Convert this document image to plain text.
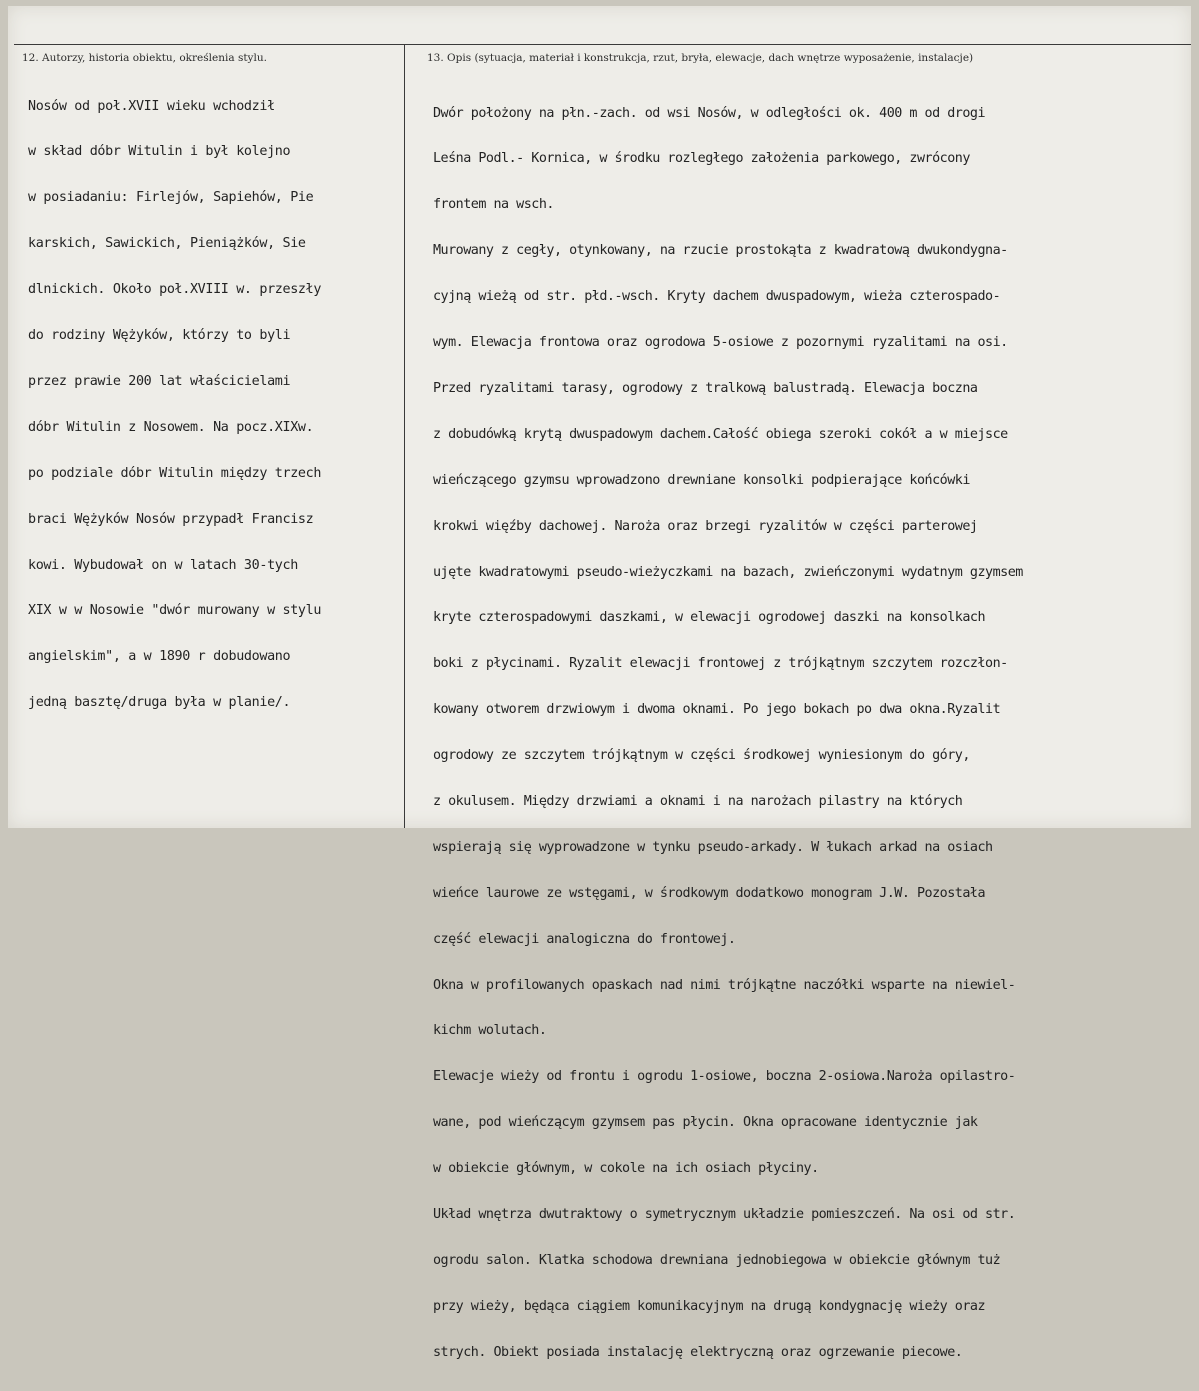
12. Autorzy, historia obiektu, określenia stylu.	13. Opis (sytuacja, materiał i konstrukcja, rzut, bryła, elewacje, dach wnętrze wyposażenie, instalacje)

Nosów od poł.XVII wieku wchodził

w skład dóbr Witulin i był kolejno

w posiadaniu: Firlejów, Sapiehów, Pie

karskich, Sawickich, Pieniążków, Sie

dlnickich. Około poł.XVIII w. przeszły

do rodziny Wężyków, którzy to byli

przez prawie 200 lat właścicielami

dóbr Witulin z Nosowem. Na pocz.XIXw.

po podziale dóbr Witulin między trzech

braci Wężyków Nosów przypadł Francisz

kowi. Wybudował on w latach 30-tych

XIX w w Nosowie "dwór murowany w stylu

angielskim", a w 1890 r dobudowano

jedną basztę/druga była w planie/.

Dwór położony na płn.-zach. od wsi Nosów, w odległości ok. 400 m od drogi

Leśna Podl.- Kornica, w środku rozległego założenia parkowego, zwrócony

frontem na wsch.

Murowany z cegły, otynkowany, na rzucie prostokąta z kwadratową dwukondygna-

cyjną wieżą od str. płd.-wsch. Kryty dachem dwuspadowym, wieża czterospado-

wym. Elewacja frontowa oraz ogrodowa 5-osiowe z pozornymi ryzalitami na osi.

Przed ryzalitami tarasy, ogrodowy z tralkową balustradą. Elewacja boczna

z dobudówką krytą dwuspadowym dachem.Całość obiega szeroki cokół a w miejsce

wieńczącego gzymsu wprowadzono drewniane konsolki podpierające końcówki

krokwi więźby dachowej. Naroża oraz brzegi ryzalitów w części parterowej

ujęte kwadratowymi pseudo-wieżyczkami na bazach, zwieńczonymi wydatnym gzymsem

kryte czterospadowymi daszkami, w elewacji ogrodowej daszki na konsolkach

boki z płycinami. Ryzalit elewacji frontowej z trójkątnym szczytem rozczłon-

kowany otworem drzwiowym i dwoma oknami. Po jego bokach po dwa okna.Ryzalit

ogrodowy ze szczytem trójkątnym w części środkowej wyniesionym do góry,

z okulusem. Między drzwiami a oknami i na narożach pilastry na których

wspierają się wyprowadzone w tynku pseudo-arkady. W łukach arkad na osiach

wieńce laurowe ze wstęgami, w środkowym dodatkowo monogram J.W. Pozostała

część elewacji analogiczna do frontowej.

Okna w profilowanych opaskach nad nimi trójkątne naczółki wsparte na niewiel-

kichm wolutach.

Elewacje wieży od frontu i ogrodu 1-osiowe, boczna 2-osiowa.Naroża opilastro-

wane, pod wieńczącym gzymsem pas płycin. Okna opracowane identycznie jak

w obiekcie głównym, w cokole na ich osiach płyciny.

Układ wnętrza dwutraktowy o symetrycznym układzie pomieszczeń. Na osi od str.

ogrodu salon. Klatka schodowa drewniana jednobiegowa w obiekcie głównym tuż

przy wieży, będąca ciągiem komunikacyjnym na drugą kondygnację wieży oraz

strych. Obiekt posiada instalację elektryczną oraz ogrzewanie piecowe.
